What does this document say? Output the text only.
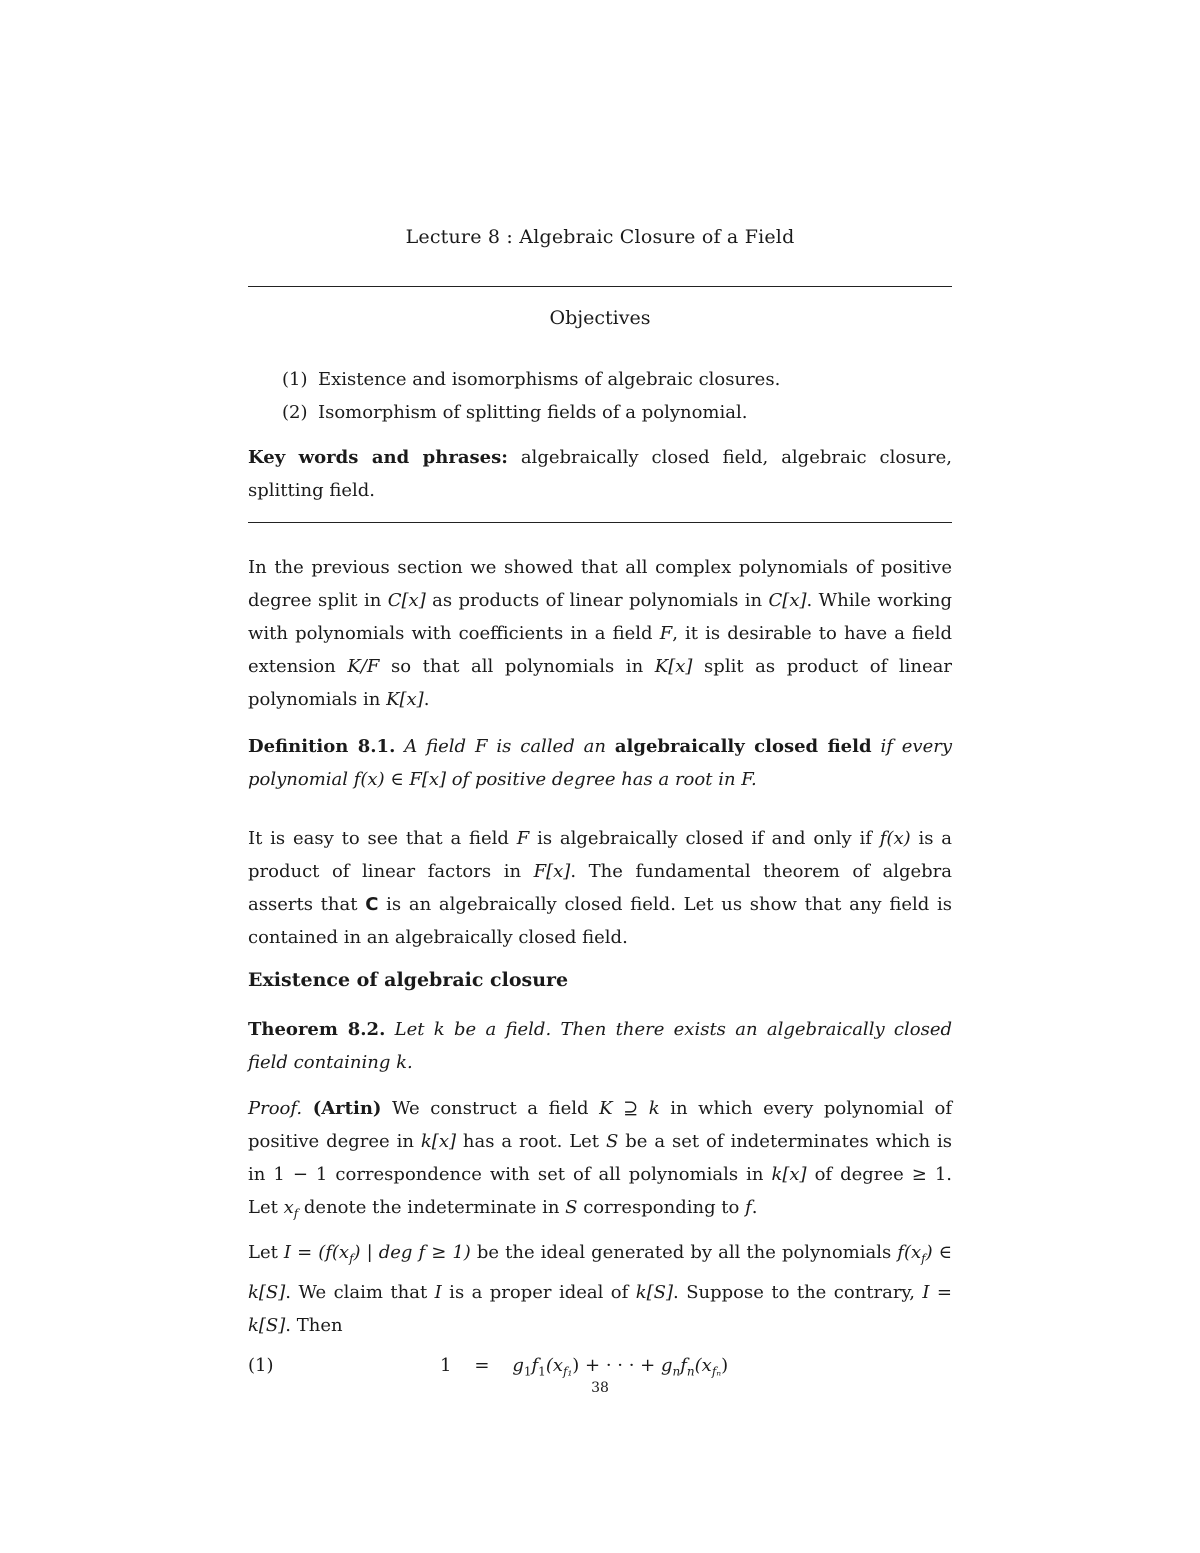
Lecture 8 : Algebraic Closure of a Field
Objectives
(1) Existence and isomorphisms of algebraic closures.
(2) Isomorphism of splitting fields of a polynomial.
Key words and phrases: algebraically closed field, algebraic closure, splitting field.
In the previous section we showed that all complex polynomials of positive degree split in C[x] as products of linear polynomials in C[x]. While working with polynomials with coefficients in a field F, it is desirable to have a field extension K/F so that all polynomials in K[x] split as product of linear polynomials in K[x].
Definition 8.1. A field F is called an algebraically closed field if every polynomial f(x) ∈ F[x] of positive degree has a root in F.
It is easy to see that a field F is algebraically closed if and only if f(x) is a product of linear factors in F[x]. The fundamental theorem of algebra asserts that C is an algebraically closed field. Let us show that any field is contained in an algebraically closed field.
Existence of algebraic closure
Theorem 8.2. Let k be a field. Then there exists an algebraically closed field containing k.
Proof. (Artin) We construct a field K ⊇ k in which every polynomial of positive degree in k[x] has a root. Let S be a set of indeterminates which is in 1 − 1 correspondence with set of all polynomials in k[x] of degree ≥ 1. Let $x_f$ denote the indeterminate in S corresponding to f.
Let $I = (f(x_f)$ | deg f ≥ 1) be the ideal generated by all the polynomials $f(x_f)$ ∈ k[S]. We claim that I is a proper ideal of k[S]. Suppose to the contrary, I = k[S]. Then
(1)	$1 = g_1f_1(x_{f_1})$ + · · · + $g_nf_n(x_{f_n})$
38
